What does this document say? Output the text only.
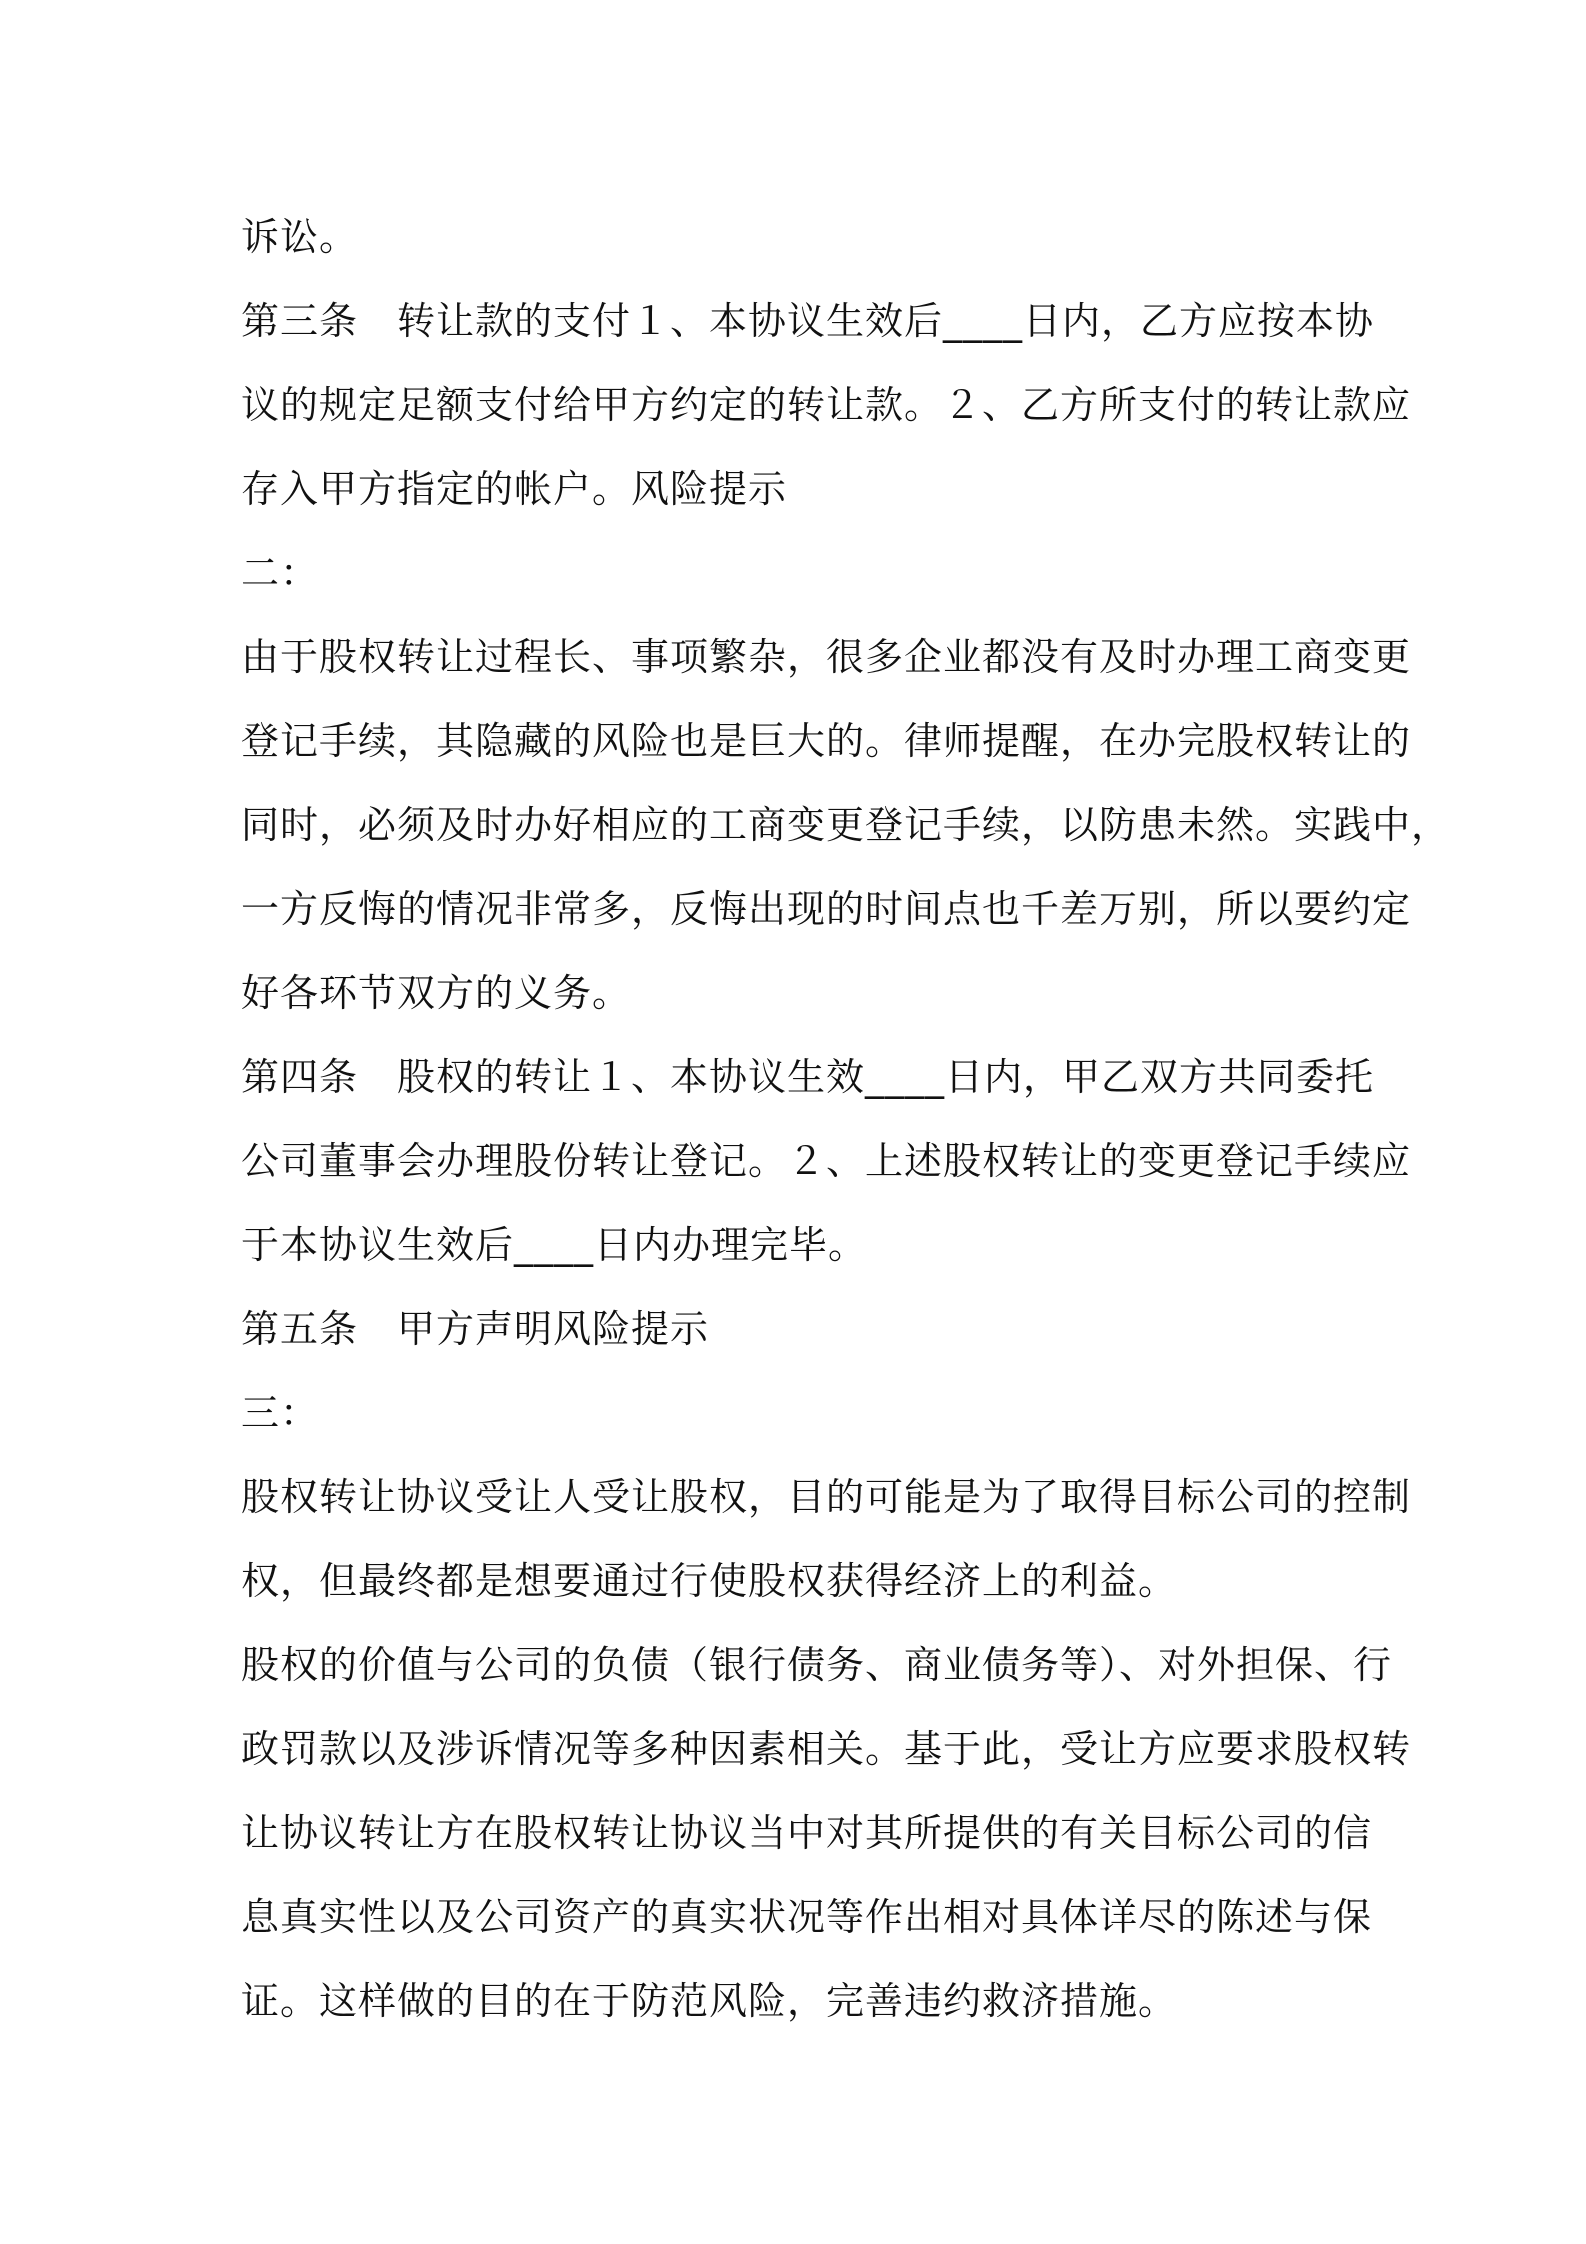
诉讼。
第三条　转让款的支付１、本协议生效后____日内，乙方应按本协
议的规定足额支付给甲方约定的转让款。２、乙方所支付的转让款应
存入甲方指定的帐户。风险提示
二：
由于股权转让过程长、事项繁杂，很多企业都没有及时办理工商变更
登记手续，其隐藏的风险也是巨大的。律师提醒，在办完股权转让的
同时，必须及时办好相应的工商变更登记手续，以防患未然。实践中，
一方反悔的情况非常多，反悔出现的时间点也千差万别，所以要约定
好各环节双方的义务。
第四条　股权的转让１、本协议生效____日内，甲乙双方共同委托
公司董事会办理股份转让登记。２、上述股权转让的变更登记手续应
于本协议生效后____日内办理完毕。
第五条　甲方声明风险提示
三：
股权转让协议受让人受让股权，目的可能是为了取得目标公司的控制
权，但最终都是想要通过行使股权获得经济上的利益。
股权的价值与公司的负债（银行债务、商业债务等）、对外担保、行
政罚款以及涉诉情况等多种因素相关。基于此，受让方应要求股权转
让协议转让方在股权转让协议当中对其所提供的有关目标公司的信
息真实性以及公司资产的真实状况等作出相对具体详尽的陈述与保
证。这样做的目的在于防范风险，完善违约救济措施。
